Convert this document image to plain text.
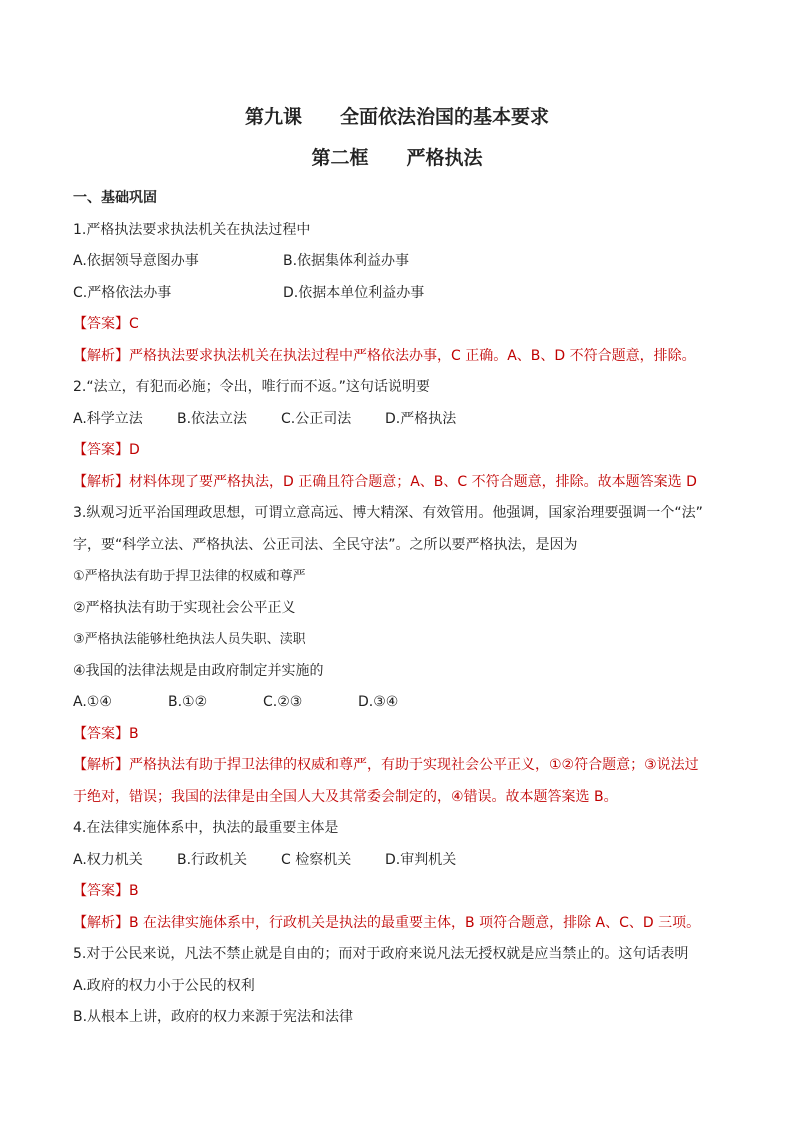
第九课　　全面依法治国的基本要求
第二框　　严格执法
一、基础巩固
1.严格执法要求执法机关在执法过程中
A.依据领导意图办事	B.依据集体利益办事
C.严格依法办事	D.依据本单位利益办事
【答案】C
【解析】严格执法要求执法机关在执法过程中严格依法办事，C 正确。A、B、D 不符合题意，排除。
2.“法立，有犯而必施；令出，唯行而不返。”这句话说明要
A.科学立法 B.依法立法 C.公正司法 D.严格执法
【答案】D
【解析】材料体现了要严格执法，D 正确且符合题意；A、B、C 不符合题意，排除。故本题答案选 D
3.纵观习近平治国理政思想，可谓立意高远、博大精深、有效管用。他强调，国家治理要强调一个“法”
字，要“科学立法、严格执法、公正司法、全民守法”。之所以要严格执法，是因为
①严格执法有助于捍卫法律的权威和尊严
②严格执法有助于实现社会公平正义
③严格执法能够杜绝执法人员失职、渎职
④我国的法律法规是由政府制定并实施的
A.①④	B.①②	C.②③	D.③④
【答案】B
【解析】严格执法有助于捍卫法律的权威和尊严，有助于实现社会公平正义，①②符合题意；③说法过
于绝对，错误；我国的法律是由全国人大及其常委会制定的，④错误。故本题答案选 B。
4.在法律实施体系中，执法的最重要主体是
A.权力机关 B.行政机关 C 检察机关 D.审判机关
【答案】B
【解析】B 在法律实施体系中，行政机关是执法的最重要主体，B 项符合题意，排除 A、C、D 三项。
5.对于公民来说，凡法不禁止就是自由的；而对于政府来说凡法无授权就是应当禁止的。这句话表明
A.政府的权力小于公民的权利
B.从根本上讲，政府的权力来源于宪法和法律
